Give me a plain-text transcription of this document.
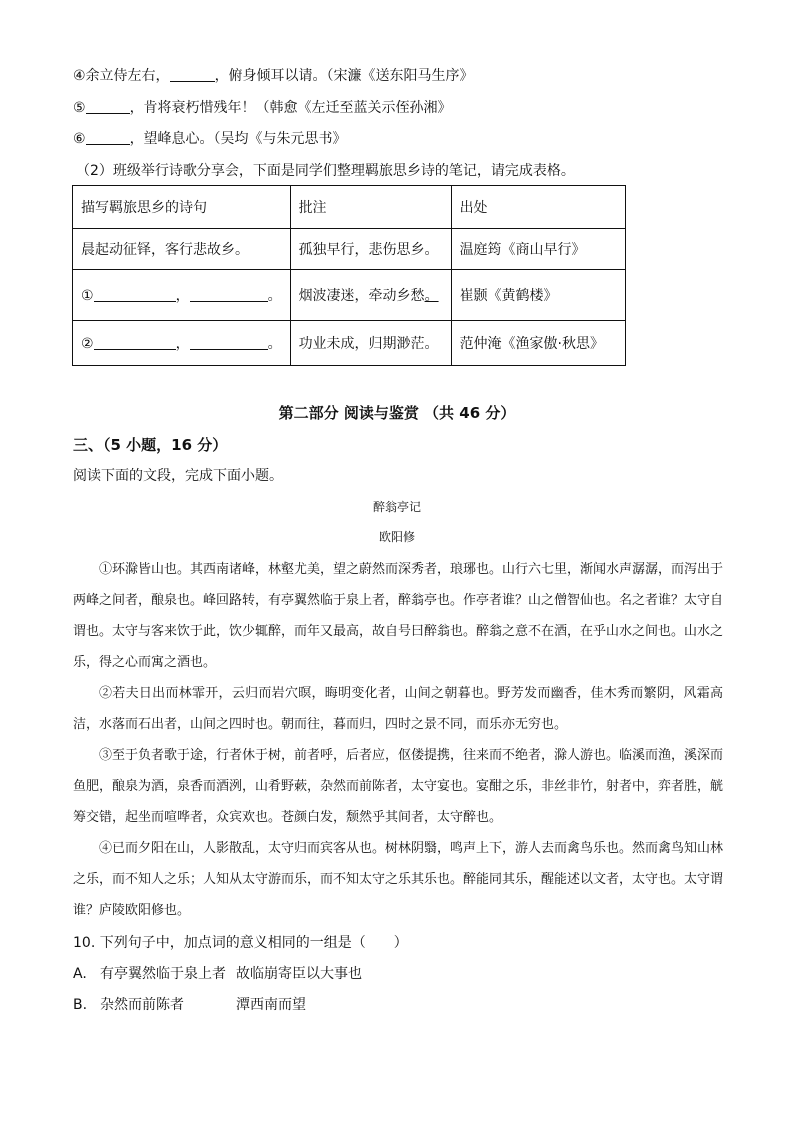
④余立侍左右，	，俯身倾耳以请。（宋濂《送东阳马生序》
⑤	，肯将衰朽惜残年！（韩愈《左迁至蓝关示侄孙湘》
⑥	，望峰息心。（吴均《与朱元思书》
（2）班级举行诗歌分享会，下面是同学们整理羁旅思乡诗的笔记，请完成表格。
描写羁旅思乡的诗句	批注	出处
晨起动征铎，客行悲故乡。	孤独早行，悲伤思乡。	温庭筠《商山早行》
① ， 。	烟波凄迷，牵动乡愁。	崔颢《黄鹤楼》
② ， 。	功业未成，归期渺茫。	范仲淹《渔家傲·秋思》
第二部分 阅读与鉴赏 （共 46 分）
三、（5 小题，16 分）
阅读下面的文段，完成下面小题。
醉翁亭记
欧阳修

①环滁皆山也。其西南诸峰，林壑尤美，望之蔚然而深秀者，琅琊也。山行六七里，渐闻水声潺潺，而泻出于两峰之间者，酿泉也。峰回路转，有亭翼然临于泉上者，醉翁亭也。作亭者谁？山之僧智仙也。名之者谁？太守自谓也。太守与客来饮于此，饮少辄醉，而年又最高，故自号曰醉翁也。醉翁之意不在酒，在乎山水之间也。山水之乐，得之心而寓之酒也。

②若夫日出而林霏开，云归而岩穴暝，晦明变化者，山间之朝暮也。野芳发而幽香，佳木秀而繁阴，风霜高洁，水落而石出者，山间之四时也。朝而往，暮而归，四时之景不同，而乐亦无穷也。

③至于负者歌于途，行者休于树，前者呼，后者应，伛偻提携，往来而不绝者，滁人游也。临溪而渔，溪深而鱼肥，酿泉为酒，泉香而酒洌，山肴野蔌，杂然而前陈者，太守宴也。宴酣之乐，非丝非竹，射者中，弈者胜，觥筹交错，起坐而喧哗者，众宾欢也。苍颜白发，颓然乎其间者，太守醉也。

④已而夕阳在山，人影散乱，太守归而宾客从也。树林阴翳，鸣声上下，游人去而禽鸟乐也。然而禽鸟知山林之乐，而不知人之乐；人知从太守游而乐，而不知太守之乐其乐也。醉能同其乐，醒能述以文者，太守也。太守谓谁？庐陵欧阳修也。

10. 下列句子中，加点词的意义相同的一组是（　　）
A. 有亭翼然临于泉上者 故临崩寄臣以大事也
B. 杂然而前陈者	潭西南而望
